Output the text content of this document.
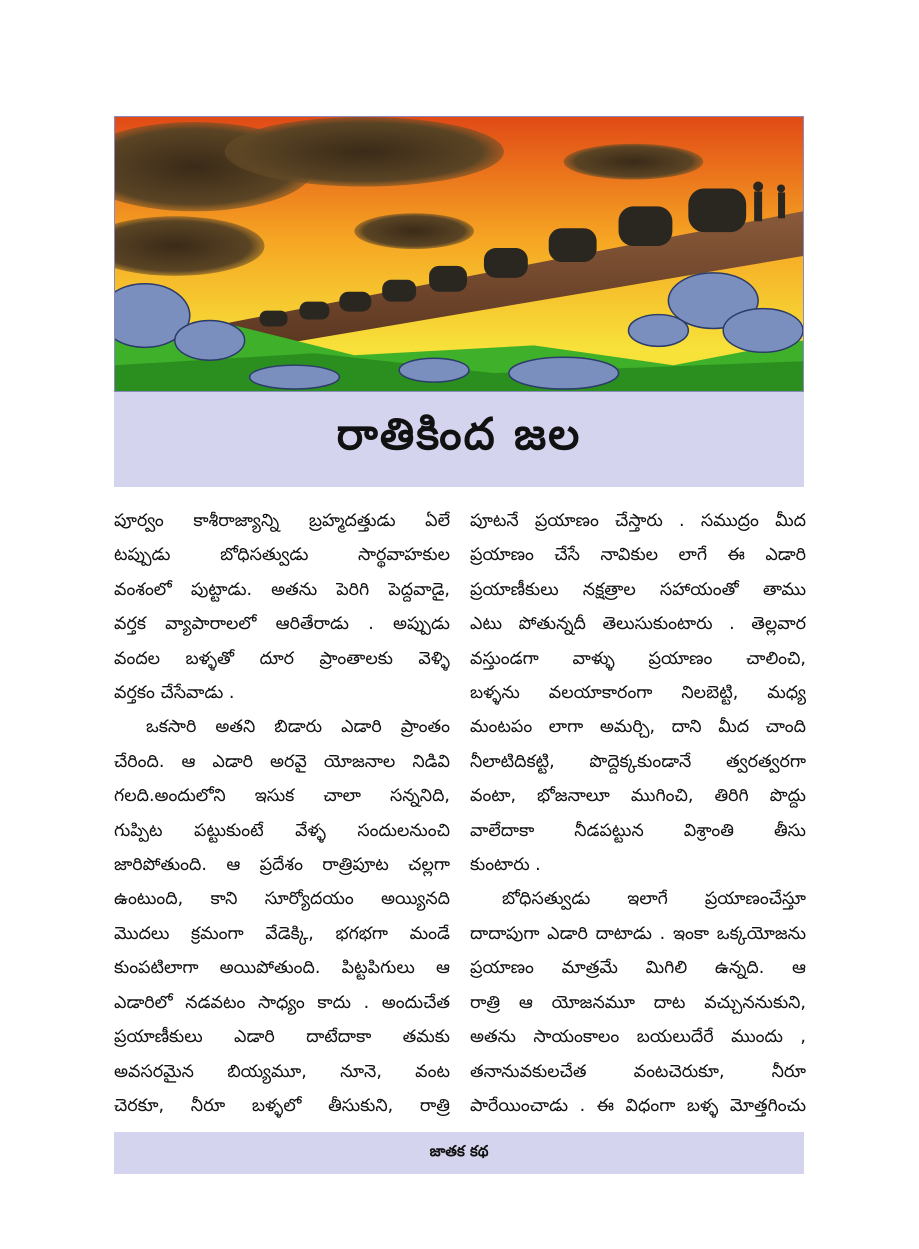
రాతికింద జల
పూర్వం కాశీరాజ్యాన్ని బ్రహ్మదత్తుడు ఏలే
టప్పుడు బోధిసత్వుడు సార్థవాహకుల
వంశంలో పుట్టాడు. అతను పెరిగి పెద్దవాడై,
వర్తక వ్యాపారాలలో ఆరితేరాడు . అప్పుడు
వందల బళ్ళతో దూర ప్రాంతాలకు వెళ్ళి
వర్తకం చేసేవాడు .
ఒకసారి అతని బిడారు ఎడారి ప్రాంతం
చేరింది. ఆ ఎడారి అరవై యోజనాల నిడివి
గలది.అందులోని ఇసుక చాలా సన్ననిది,
గుప్పిట పట్టుకుంటే వేళ్ళ సందులనుంచి
జారిపోతుంది. ఆ ప్రదేశం రాత్రిపూట చల్లగా
ఉంటుంది, కాని సూర్యోదయం అయ్యినది
మొదలు క్రమంగా వేడెక్కి, భగభగా మండే
కుంపటిలాగా అయిపోతుంది. పిట్టపిగులు ఆ
ఎడారిలో నడవటం సాధ్యం కాదు . అందుచేత
ప్రయాణీకులు ఎడారి దాటేదాకా తమకు
అవసరమైన బియ్యమూ, నూనె, వంట
చెరకూ, నీరూ బళ్ళలో తీసుకుని, రాత్రి
పూటనే ప్రయాణం చేస్తారు . సముద్రం మీద
ప్రయాణం చేసే నావికుల లాగే ఈ ఎడారి
ప్రయాణీకులు నక్షత్రాల సహాయంతో తాము
ఎటు పోతున్నదీ తెలుసుకుంటారు . తెల్లవార
వస్తుండగా వాళ్ళు ప్రయాణం చాలించి,
బళ్ళను వలయాకారంగా నిలబెట్టి, మధ్య
మంటపం లాగా అమర్చి, దాని మీద చాంది
నీలాటిదికట్టి, పొద్దెక్కకుండానే త్వరత్వరగా
వంటా, భోజనాలూ ముగించి, తిరిగి పొద్దు
వాలేదాకా నీడపట్టున విశ్రాంతి తీసు
కుంటారు .
బోధిసత్వుడు ఇలాగే ప్రయాణంచేస్తూ
దాదాపుగా ఎడారి దాటాడు . ఇంకా ఒక్కయోజను
ప్రయాణం మాత్రమే మిగిలి ఉన్నది. ఆ
రాత్రి ఆ యోజనమూ దాట వచ్చుననుకుని,
అతను సాయంకాలం బయలుదేరే ముందు ,
తనానువకులచేత వంటచెరుకూ, నీరూ
పారేయించాడు . ఈ విధంగా బళ్ళ మోత్తగించు
జాతక కథ
